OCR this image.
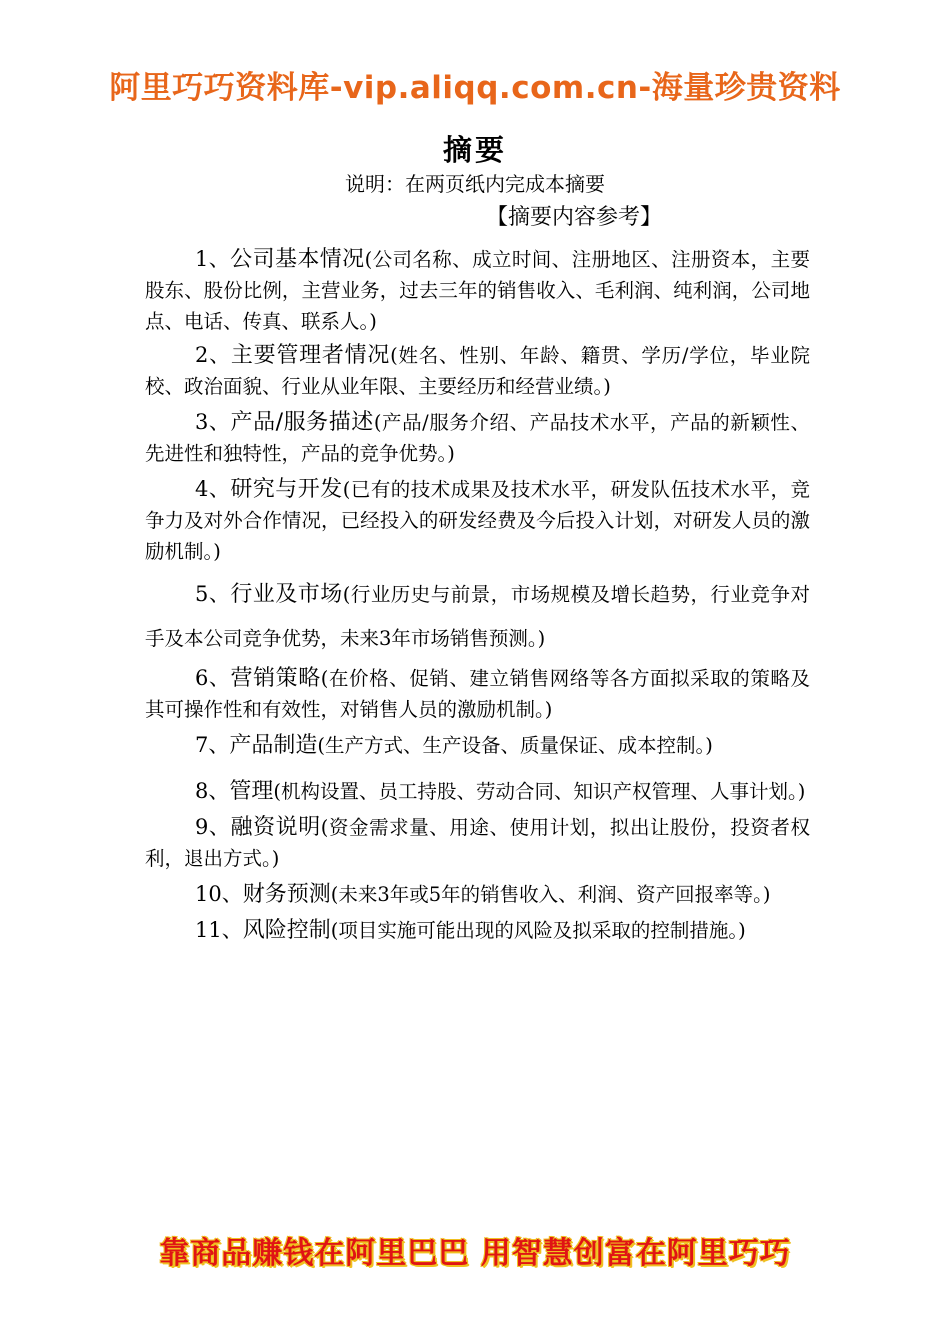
阿里巧巧资料库-vip.aliqq.com.cn-海量珍贵资料
摘要
说明：在两页纸内完成本摘要
【摘要内容参考】

1、公司基本情况(公司名称、成立时间、注册地区、注册资本，主要股东、股份比例，主营业务，过去三年的销售收入、毛利润、纯利润，公司地点、电话、传真、联系人。)

2、主要管理者情况(姓名、性别、年龄、籍贯、学历/学位，毕业院校、政治面貌、行业从业年限、主要经历和经营业绩。)

3、产品/服务描述(产品/服务介绍、产品技术水平，产品的新颖性、先进性和独特性，产品的竞争优势。)

4、研究与开发(已有的技术成果及技术水平，研发队伍技术水平，竞争力及对外合作情况，已经投入的研发经费及今后投入计划，对研发人员的激励机制。)

5、行业及市场(行业历史与前景，市场规模及增长趋势，行业竞争对手及本公司竞争优势，未来3年市场销售预测。)

6、营销策略(在价格、促销、建立销售网络等各方面拟采取的策略及其可操作性和有效性，对销售人员的激励机制。)

7、产品制造(生产方式、生产设备、质量保证、成本控制。)

8、管理(机构设置、员工持股、劳动合同、知识产权管理、人事计划。)

9、融资说明(资金需求量、用途、使用计划，拟出让股份，投资者权利，退出方式。)

10、财务预测(未来3年或5年的销售收入、利润、资产回报率等。)

11、风险控制(项目实施可能出现的风险及拟采取的控制措施。)

靠商品赚钱在阿里巴巴 用智慧创富在阿里巧巧
